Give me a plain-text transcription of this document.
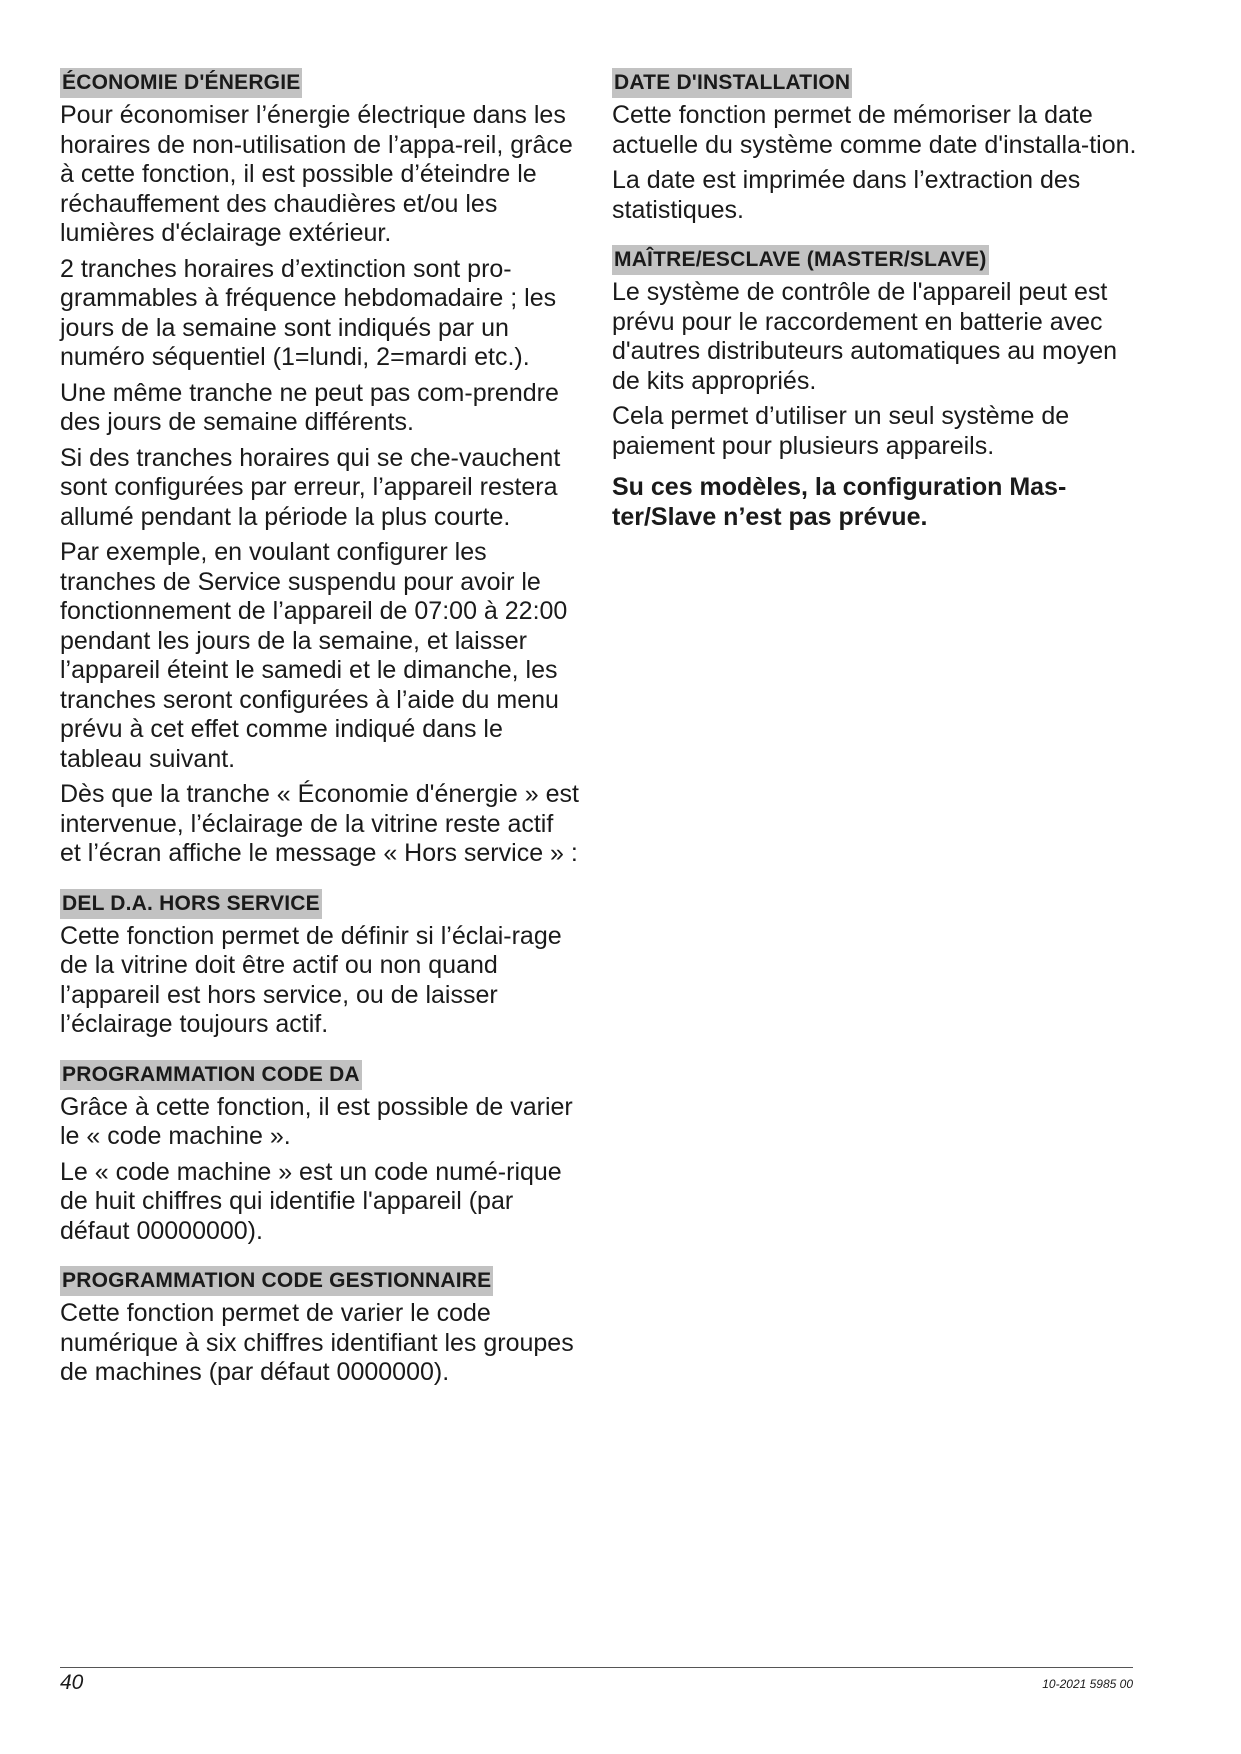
ÉCONOMIE D'ÉNERGIE

Pour économiser l’énergie électrique dans les horaires de non-utilisation de l’appa-reil, grâce à cette fonction, il est possible d’éteindre le réchauffement des chaudières et/ou les lumières d'éclairage extérieur.

2 tranches horaires d’extinction sont pro-grammables à fréquence hebdomadaire ; les jours de la semaine sont indiqués par un numéro séquentiel (1=lundi, 2=mardi etc.).

Une même tranche ne peut pas com-prendre des jours de semaine différents.

Si des tranches horaires qui se che-vauchent sont configurées par erreur, l’appareil restera allumé pendant la période la plus courte.

Par exemple, en voulant configurer les tranches de Service suspendu pour avoir le fonctionnement de l’appareil de 07:00 à 22:00 pendant les jours de la semaine, et laisser l’appareil éteint le samedi et le dimanche, les tranches seront configurées à l’aide du menu prévu à cet effet comme indiqué dans le tableau suivant.

Dès que la tranche « Économie d'énergie » est intervenue, l’éclairage de la vitrine reste actif et l’écran affiche le message « Hors service » :

DEL D.A. HORS SERVICE

Cette fonction permet de définir si l’éclai-rage de la vitrine doit être actif ou non quand l’appareil est hors service, ou de laisser l’éclairage toujours actif.

PROGRAMMATION CODE DA

Grâce à cette fonction, il est possible de varier le « code machine ».

Le « code machine » est un code numé-rique de huit chiffres qui identifie l'appareil (par défaut 00000000).

PROGRAMMATION CODE GESTIONNAIRE

Cette fonction permet de varier le code numérique à six chiffres identifiant les groupes de machines (par défaut 0000000).

DATE D'INSTALLATION

Cette fonction permet de mémoriser la date actuelle du système comme date d'installa-tion.

La date est imprimée dans l’extraction des statistiques.

MAÎTRE/ESCLAVE (MASTER/SLAVE)

Le système de contrôle de l'appareil peut est prévu pour le raccordement en batterie avec d'autres distributeurs automatiques au moyen de kits appropriés.

Cela permet d’utiliser un seul système de paiement pour plusieurs appareils.

Su ces modèles, la configuration Mas-ter/Slave n’est pas prévue.

40	10-2021 5985 00
